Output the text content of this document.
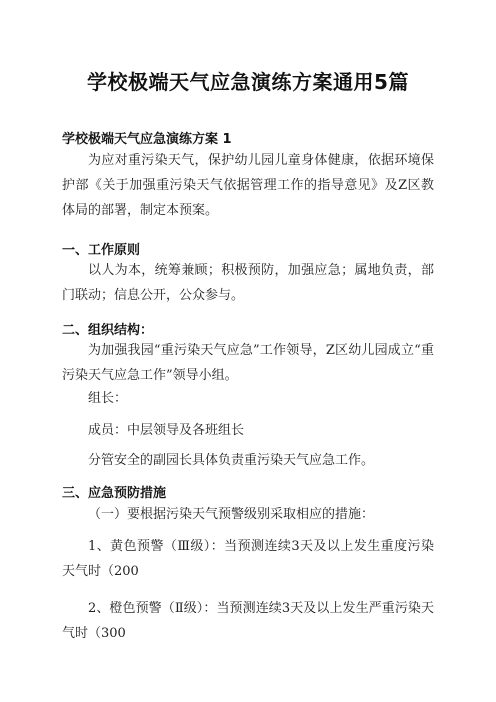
学校极端天气应急演练方案通用5篇
学校极端天气应急演练方案 1
为应对重污染天气，保护幼儿园儿童身体健康，依据环境保护部《关于加强重污染天气依据管理工作的指导意见》及Z区教体局的部署，制定本预案。
一、工作原则
以人为本，统筹兼顾；积极预防，加强应急；属地负责，部门联动；信息公开，公众参与。
二、组织结构：
为加强我园“重污染天气应急”工作领导，Z区幼儿园成立“重污染天气应急工作”领导小组。
组长：
成员：中层领导及各班组长
分管安全的副园长具体负责重污染天气应急工作。
三、应急预防措施
（一）要根据污染天气预警级别采取相应的措施：
1、黄色预警（Ⅲ级）：当预测连续3天及以上发生重度污染天气时（200
2、橙色预警（Ⅱ级）：当预测连续3天及以上发生严重污染天气时（300
